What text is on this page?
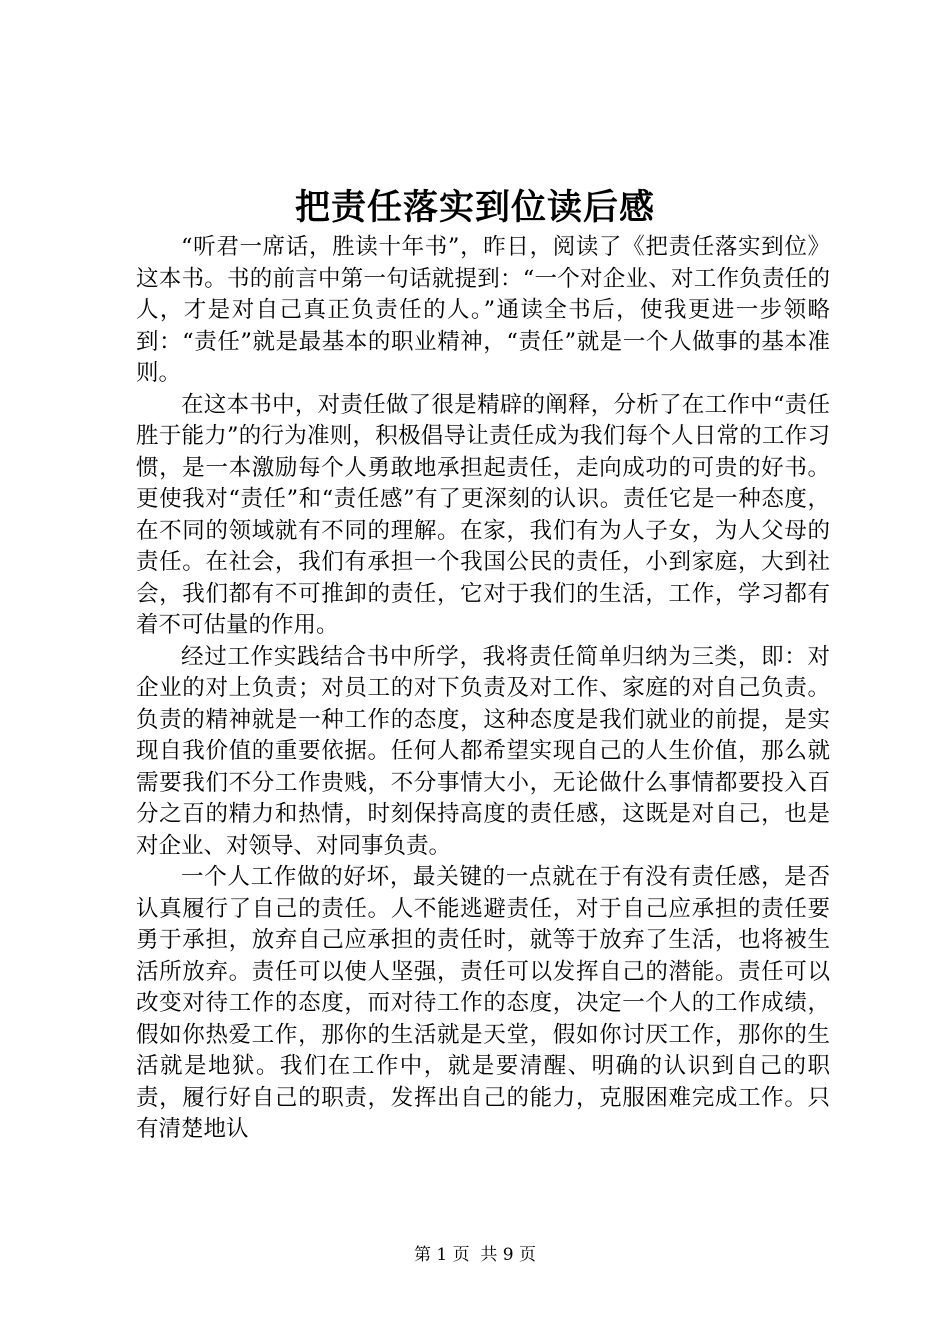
把责任落实到位读后感

“听君一席话，胜读十年书”，昨日，阅读了《把责任落实到位》这本书。书的前言中第一句话就提到：“一个对企业、对工作负责任的人，才是对自己真正负责任的人。”通读全书后，使我更进一步领略到：“责任”就是最基本的职业精神，“责任”就是一个人做事的基本准则。

在这本书中，对责任做了很是精辟的阐释，分析了在工作中“责任胜于能力”的行为准则，积极倡导让责任成为我们每个人日常的工作习惯，是一本激励每个人勇敢地承担起责任，走向成功的可贵的好书。更使我对“责任”和“责任感”有了更深刻的认识。责任它是一种态度，在不同的领域就有不同的理解。在家，我们有为人子女，为人父母的责任。在社会，我们有承担一个我国公民的责任，小到家庭，大到社会，我们都有不可推卸的责任，它对于我们的生活，工作，学习都有着不可估量的作用。

经过工作实践结合书中所学，我将责任简单归纳为三类，即：对企业的对上负责；对员工的对下负责及对工作、家庭的对自己负责。负责的精神就是一种工作的态度，这种态度是我们就业的前提，是实现自我价值的重要依据。任何人都希望实现自己的人生价值，那么就需要我们不分工作贵贱，不分事情大小，无论做什么事情都要投入百分之百的精力和热情，时刻保持高度的责任感，这既是对自己，也是对企业、对领导、对同事负责。

一个人工作做的好坏，最关键的一点就在于有没有责任感，是否认真履行了自己的责任。人不能逃避责任，对于自己应承担的责任要勇于承担，放弃自己应承担的责任时，就等于放弃了生活，也将被生活所放弃。责任可以使人坚强，责任可以发挥自己的潜能。责任可以改变对待工作的态度，而对待工作的态度，决定一个人的工作成绩，假如你热爱工作，那你的生活就是天堂，假如你讨厌工作，那你的生活就是地狱。我们在工作中，就是要清醒、明确的认识到自己的职责，履行好自己的职责，发挥出自己的能力，克服困难完成工作。只有清楚地认

第 1 页  共 9 页
